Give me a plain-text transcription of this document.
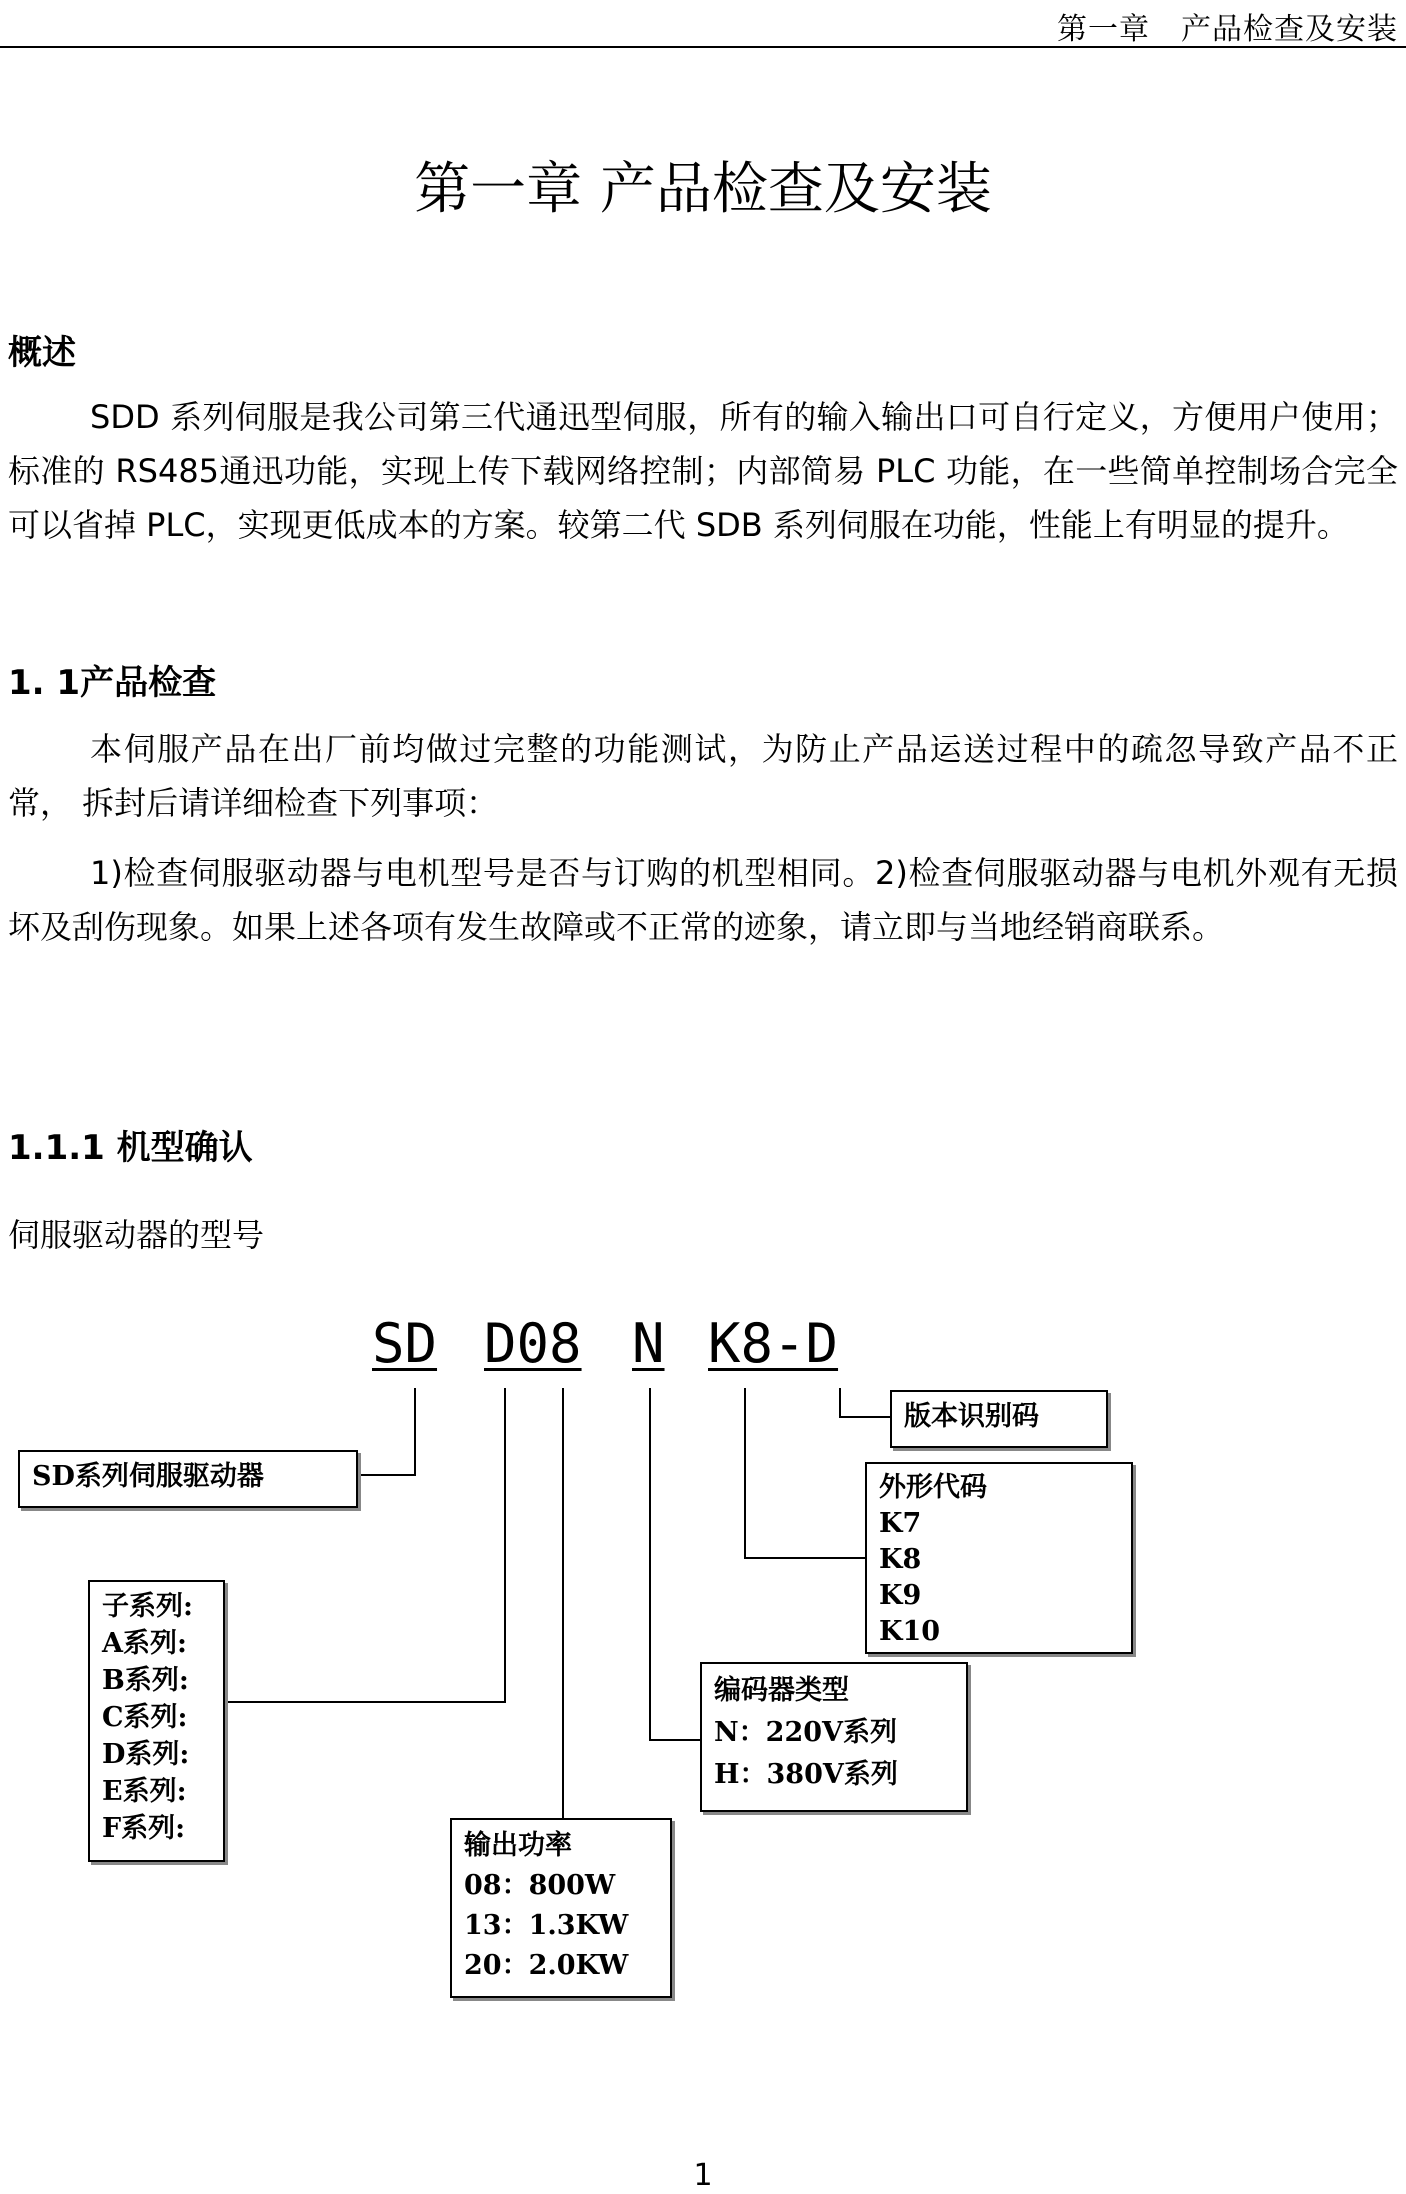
第一章　产品检查及安装
第一章 产品检查及安装
概述

SDD 系列伺服是我公司第三代通迅型伺服，所有的输入输出口可自行定义，方便用户使用；标准的 RS485通迅功能，实现上传下载网络控制；内部简易 PLC 功能，在一些简单控制场合完全可以省掉 PLC，实现更低成本的方案。较第二代 SDB 系列伺服在功能，性能上有明显的提升。

1. 1产品检查

本伺服产品在出厂前均做过完整的功能测试，为防止产品运送过程中的疏忽导致产品不正常， 拆封后请详细检查下列事项：

1)检查伺服驱动器与电机型号是否与订购的机型相同。2)检查伺服驱动器与电机外观有无损坏及刮伤现象。如果上述各项有发生故障或不正常的迹象，请立即与当地经销商联系。

1.1.1 机型确认

伺服驱动器的型号

SD D08 N K8-D
SD系列伺服驱动器
版本识别码
外形代码
K7
K8
K9
K10
子系列:
A系列:
B系列:
C系列:
D系列:
E系列:
F系列:
编码器类型
N：220V系列
H：380V系列
输出功率
08：800W
13：1.3KW
20：2.0KW
1
